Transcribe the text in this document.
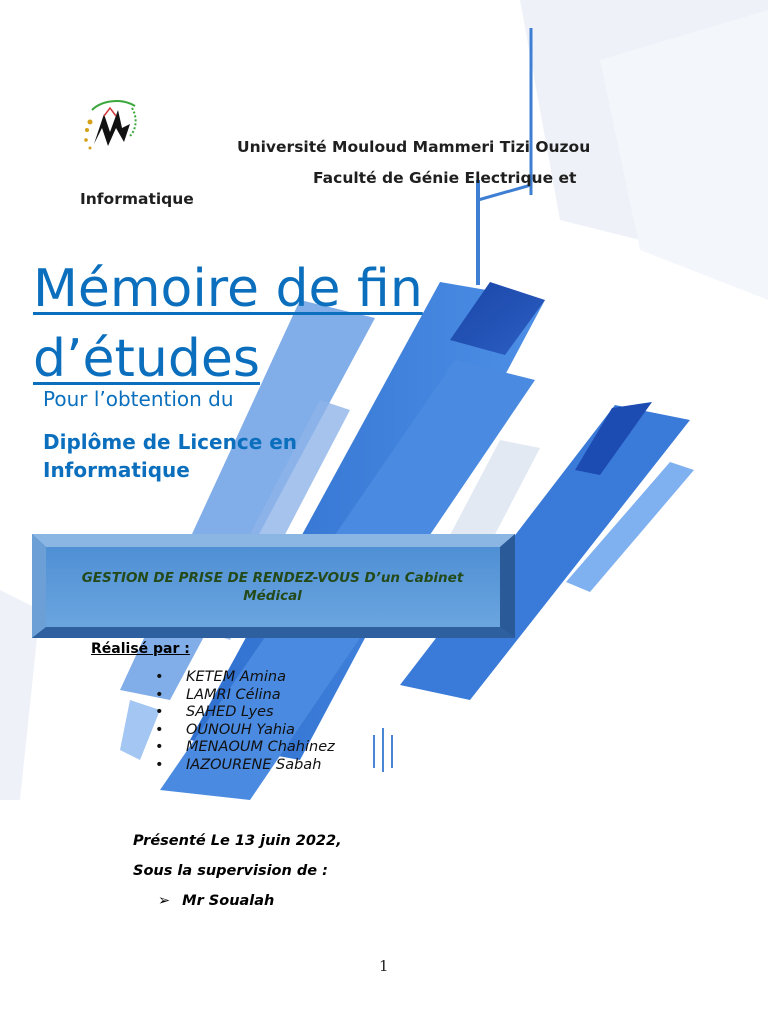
Université Mouloud Mammeri Tizi Ouzou

Faculté de Génie Electrique et

Informatique

Mémoire de fin d’études

Pour l’obtention du

Diplôme de Licence en Informatique

GESTION DE PRISE DE RENDEZ-VOUS D’un Cabinet Médical

Réalisé par :

• KETEM Amina
• LAMRI Célina
• SAHED Lyes
• OUNOUH Yahia
• MENAOUM Chahinez
• IAZOURENE Sabah

Présenté Le 13 juin 2022,

Sous la supervision de :

➢ Mr Soualah

1
